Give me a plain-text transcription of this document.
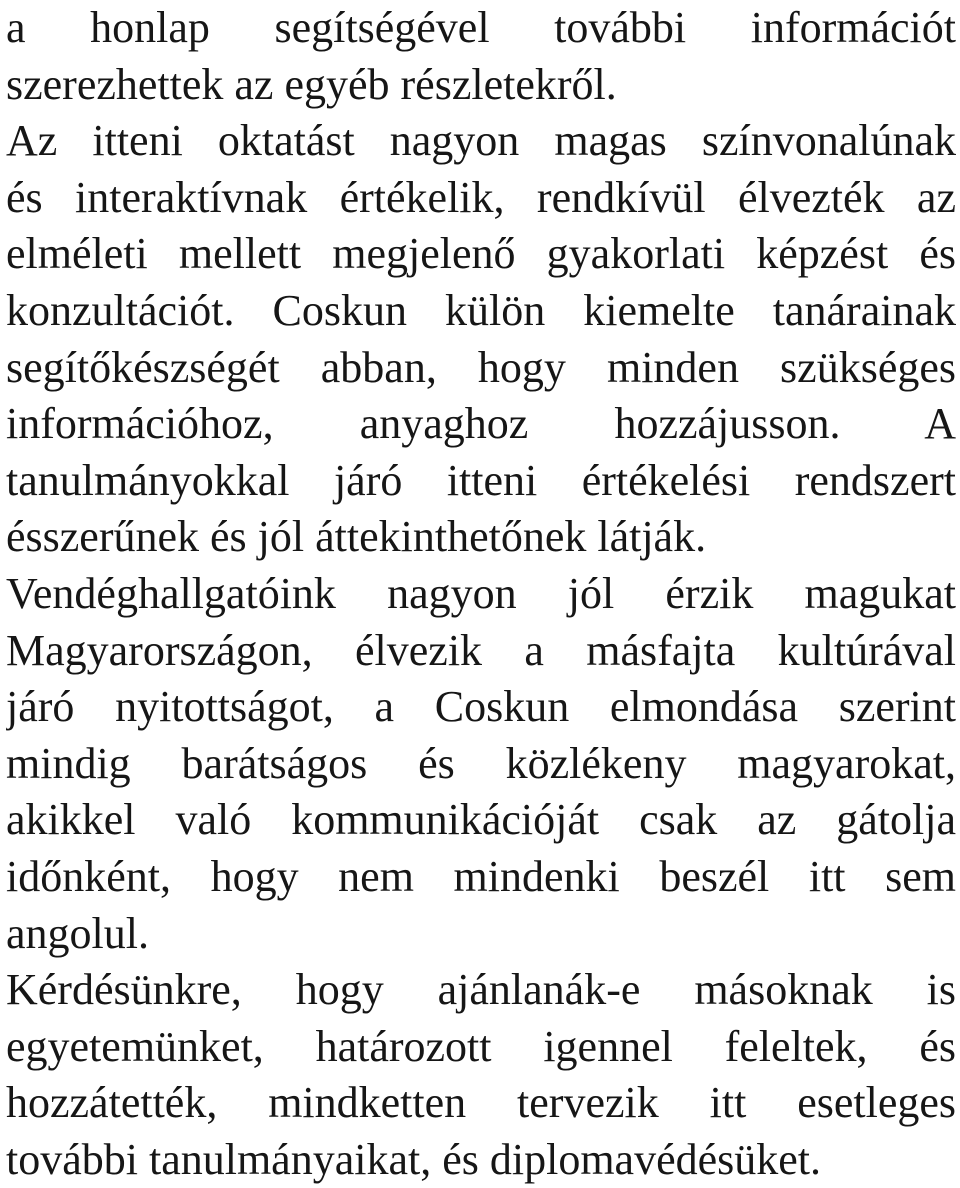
a honlap segítségével további információt
szerezhettek az egyéb részletekről.
Az itteni oktatást nagyon magas színvonalúnak
és interaktívnak értékelik, rendkívül élvezték az
elméleti mellett megjelenő gyakorlati képzést és
konzultációt. Coskun külön kiemelte tanárainak
segítőkészségét abban, hogy minden szükséges
információhoz, anyaghoz hozzájusson. A
tanulmányokkal járó itteni értékelési rendszert
ésszerűnek és jól áttekinthetőnek látják.
Vendéghallgatóink nagyon jól érzik magukat
Magyarországon, élvezik a másfajta kultúrával
járó nyitottságot, a Coskun elmondása szerint
mindig barátságos és közlékeny magyarokat,
akikkel való kommunikációját csak az gátolja
időnként, hogy nem mindenki beszél itt sem
angolul.
Kérdésünkre, hogy ajánlanák-e másoknak is
egyetemünket, határozott igennel feleltek, és
hozzátették, mindketten tervezik itt esetleges
további tanulmányaikat, és diplomavédésüket.
